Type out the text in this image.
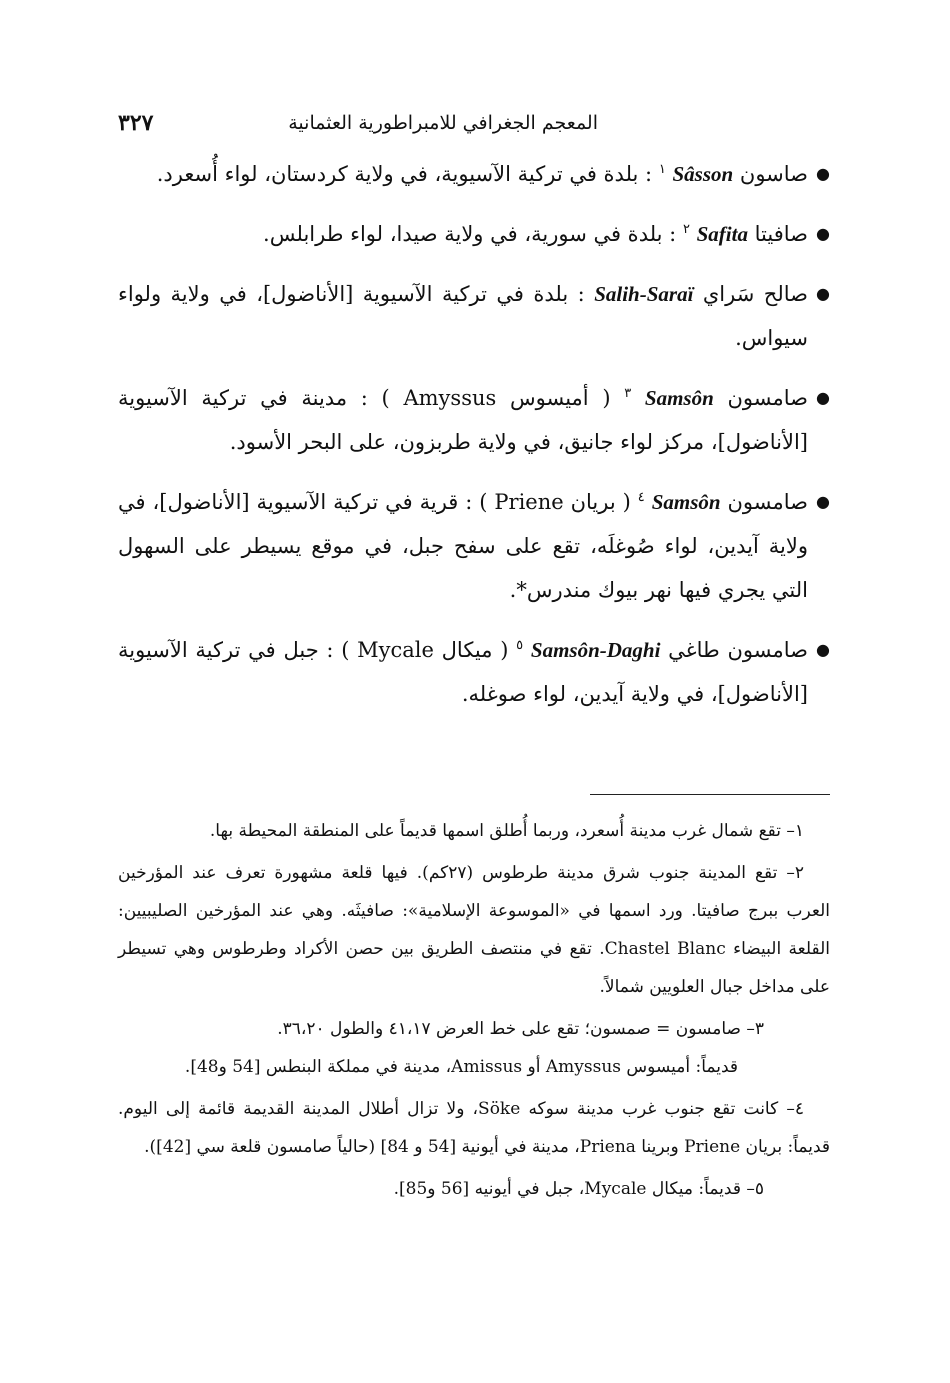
المعجم الجغرافي للامبراطورية العثمانية
٣٢٧
●
صاسون Sâsson $^١$ : بلدة في تركية الآسيوية، في ولاية كردستان، لواء أُسعرد.
●
صافيتا Safita $^٢$ : بلدة في سورية، في ولاية صيدا، لواء طرابلس.
●
صالح سَراي Salih-Saraï : بلدة في تركية الآسيوية [الأناضول]، في ولاية ولواء سيواس.
●
صامسون Samsôn $^٣$ ( أميسوس Amyssus ) : مدينة في تركية الآسيوية [الأناضول]، مركز لواء جانيق، في ولاية طربزون، على البحر الأسود.
●
صامسون Samsôn $^٤$ ( بريان Priene ) : قرية في تركية الآسيوية [الأناضول]، في ولاية آيدين، لواء صُوغلَه، تقع على سفح جبل، في موقع يسيطر على السهول التي يجري فيها نهر بيوك مندرس*.
●
صامسون طاغي Samsôn-Daghi $^٥$ ( ميكال Mycale ) : جبل في تركية الآسيوية [الأناضول]، في ولاية آيدين، لواء صوغله.

١– تقع شمال غرب مدينة أُسعرد، وربما أُطلق اسمها قديماً على المنطقة المحيطة بها.

٢– تقع المدينة جنوب شرق مدينة طرطوس (٢٧كم). فيها قلعة مشهورة تعرف عند المؤرخين العرب ببرج صافيتا. ورد اسمها في «الموسوعة الإسلامية»: صافيثَه. وهي عند المؤرخين الصليبيين: القلعة البيضاء Chastel Blanc. تقع في منتصف الطريق بين حصن الأكراد وطرطوس وهي تسيطر على مداخل جبال العلويين شمالاً.

٣– صامسون = صمسون؛ تقع على خط العرض ٤١،١٧ والطول ٣٦،٢٠.
قديماً: أميسوس Amyssus أو Amissus، مدينة في مملكة البنطس [54 و48].

٤– كانت تقع جنوب غرب مدينة سوكه Söke، ولا تزال أطلال المدينة القديمة قائمة إلى اليوم. قديماً: بريان Priene وبرينا Priena، مدينة في أيونية [54 و 84] (حالياً صامسون قلعة سي [42]).

٥– قديماً: ميكال Mycale، جبل في أيونيه [56 و85].
